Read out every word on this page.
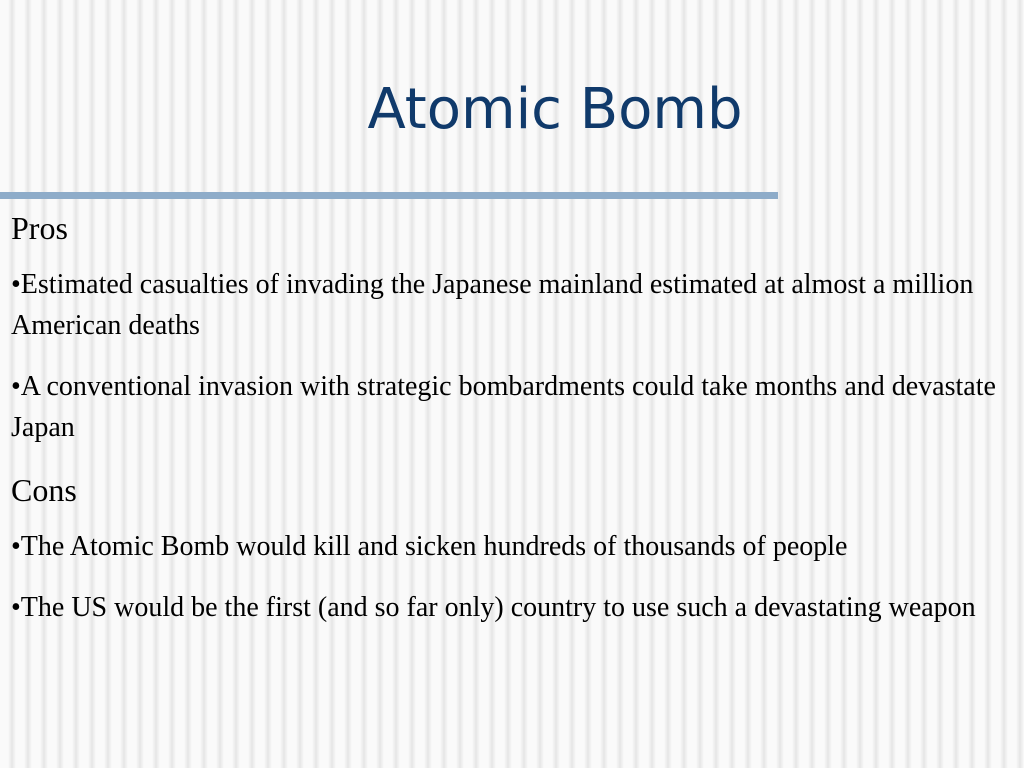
Atomic Bomb
Pros
•Estimated casualties of invading the Japanese mainland estimated at almost a million American deaths
•A conventional invasion with strategic bombardments could take months and devastate Japan
Cons
•The Atomic Bomb would kill and sicken hundreds of thousands of people
•The US would be the first (and so far only) country to use such a devastating weapon
